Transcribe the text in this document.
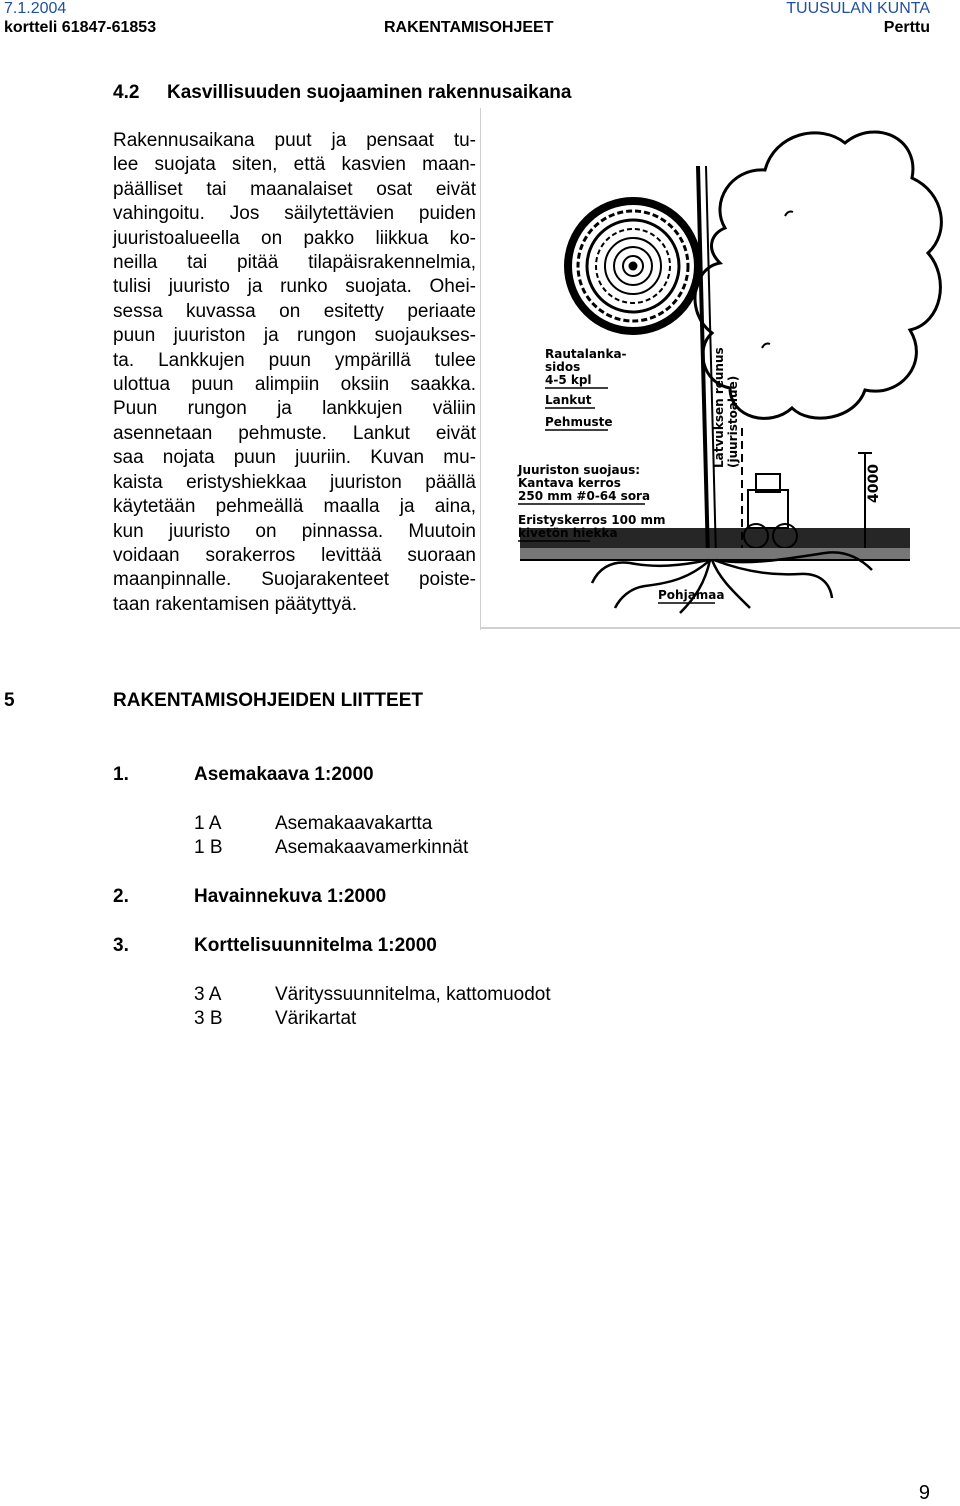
7.1.2004
kortteli 61847-61853	RAKENTAMISOHJEET
TUUSULAN KUNTA
Perttu
4.2 Kasvillisuuden suojaaminen rakennusaikana
Rakennusaikana puut ja pensaat tu-
lee suojata siten, että kasvien maan-
päälliset tai maanalaiset osat eivät
vahingoitu. Jos säilytettävien puiden
juuristoalueella on pakko liikkua ko-
neilla tai pitää tilapäisrakennelmia,
tulisi juuristo ja runko suojata. Ohei-
sessa kuvassa on esitetty periaate
puun juuriston ja rungon suojaukses-
ta. Lankkujen puun ympärillä tulee
ulottua puun alimpiin oksiin saakka.
Puun rungon ja lankkujen väliin
asennetaan pehmuste. Lankut eivät
saa nojata puun juuriin. Kuvan mu-
kaista eristyshiekkaa juuriston päällä
käytetään pehmeällä maalla ja aina,
kun juuristo on pinnassa. Muutoin
voidaan sorakerros levittää suoraan
maanpinnalle. Suojarakenteet poiste-
taan rakentamisen päätyttyä.
4000
Rautalanka-
sidos
4-5 kpl
Lankut
Pehmuste
Juuriston suojaus:
Kantava kerros
250 mm #0-64 sora
Eristyskerros 100 mm
kivetön hiekka
Pohjamaa
Latvuksen reunus (juuristoalue)
5	RAKENTAMISOHJEIDEN LIITTEET
1.	Asemakaava 1:2000
1 A	Asemakaavakartta
1 B	Asemakaavamerkinnät
2.	Havainnekuva 1:2000
3.	Korttelisuunnitelma 1:2000
3 A	Värityssuunnitelma, kattomuodot
3 B	Värikartat
9
